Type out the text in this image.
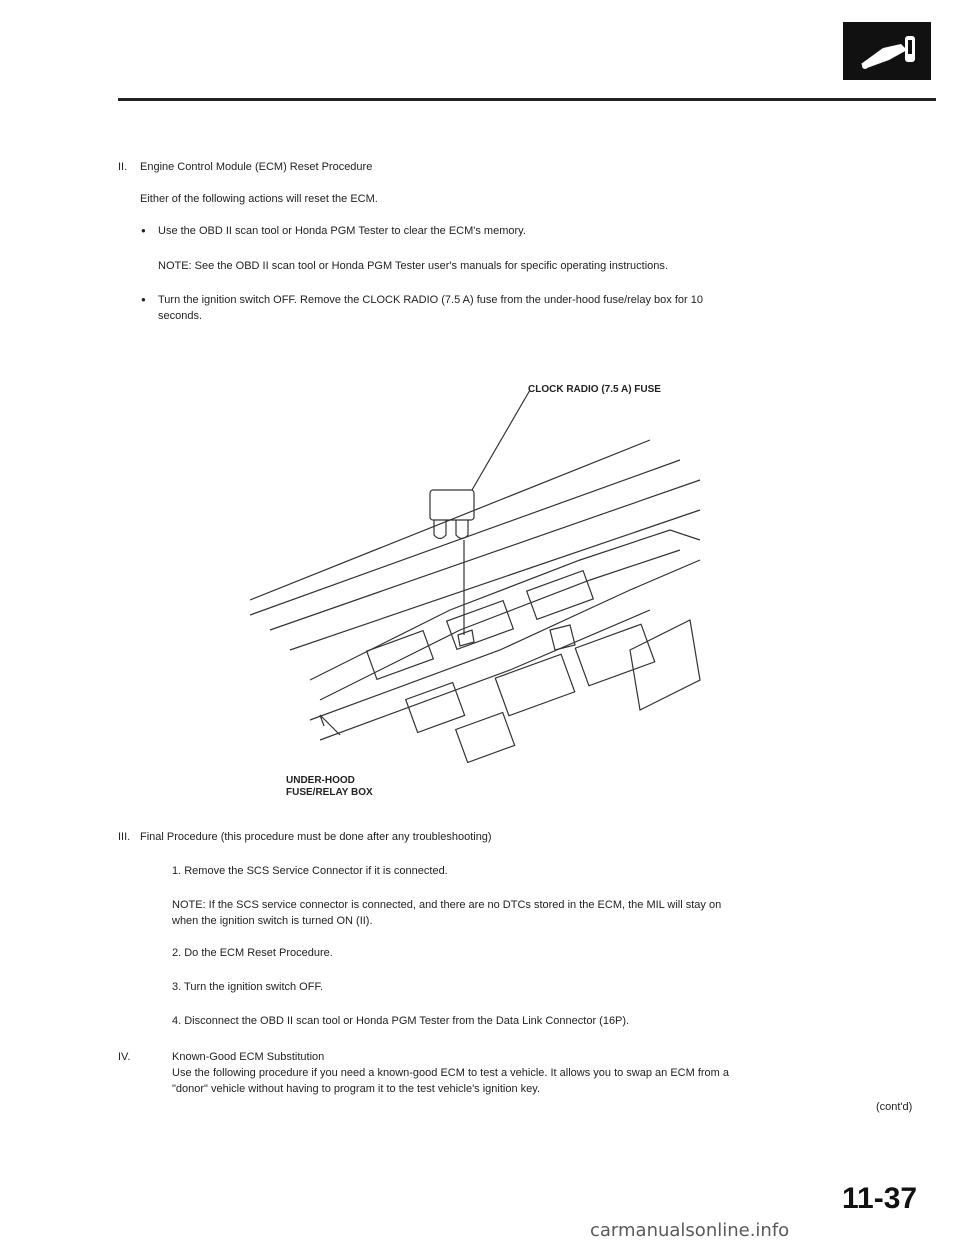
II. Engine Control Module (ECM) Reset Procedure
Either of the following actions will reset the ECM.
● Use the OBD II scan tool or Honda PGM Tester to clear the ECM's memory.
NOTE: See the OBD II scan tool or Honda PGM Tester user's manuals for specific operating instructions.
● Turn the ignition switch OFF. Remove the CLOCK RADIO (7.5 A) fuse from the under-hood fuse/relay box for 10
seconds.
CLOCK RADIO (7.5 A) FUSE
UNDER-HOOD
FUSE/RELAY BOX
III. Final Procedure (this procedure must be done after any troubleshooting)
1. Remove the SCS Service Connector if it is connected.
NOTE: If the SCS service connector is connected, and there are no DTCs stored in the ECM, the MIL will stay on
when the ignition switch is turned ON (II).
2. Do the ECM Reset Procedure.
3. Turn the ignition switch OFF.
4. Disconnect the OBD II scan tool or Honda PGM Tester from the Data Link Connector (16P).
IV.	Known-Good ECM Substitution
Use the following procedure if you need a known-good ECM to test a vehicle. It allows you to swap an ECM from a
"donor" vehicle without having to program it to the test vehicle's ignition key.
(cont'd)
11-37
carmanualsonline.info
